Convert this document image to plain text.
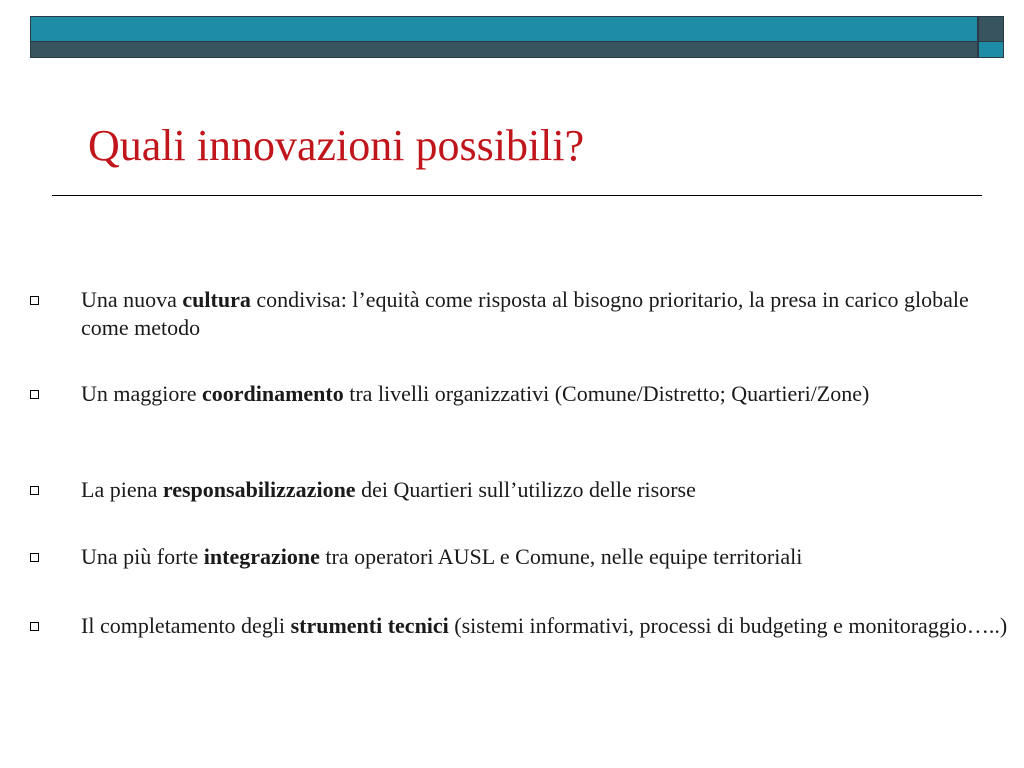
Quali innovazioni possibili?
Una nuova cultura condivisa: l’equità come risposta al bisogno prioritario, la presa in carico globale come metodo
Un maggiore coordinamento tra livelli organizzativi (Comune/Distretto; Quartieri/Zone)
La piena responsabilizzazione dei Quartieri sull’utilizzo delle risorse
Una più forte integrazione tra operatori AUSL e Comune, nelle equipe territoriali
Il completamento degli strumenti tecnici (sistemi informativi, processi di budgeting e monitoraggio…..)
